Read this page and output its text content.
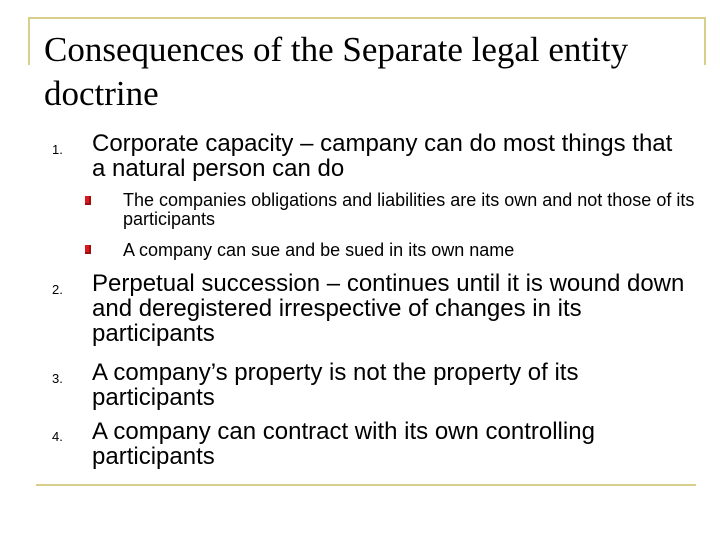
Consequences of the Separate legal entity doctrine
1.	Corporate capacity – campany can do most things that a natural person can do
The companies obligations and liabilities are its own and not those of its participants
A company can sue and be sued in its own name
2.	Perpetual succession – continues until it is wound down and deregistered irrespective of changes in its participants
3.	A company’s property is not the property of its participants
4.	A company can contract with its own controlling participants
